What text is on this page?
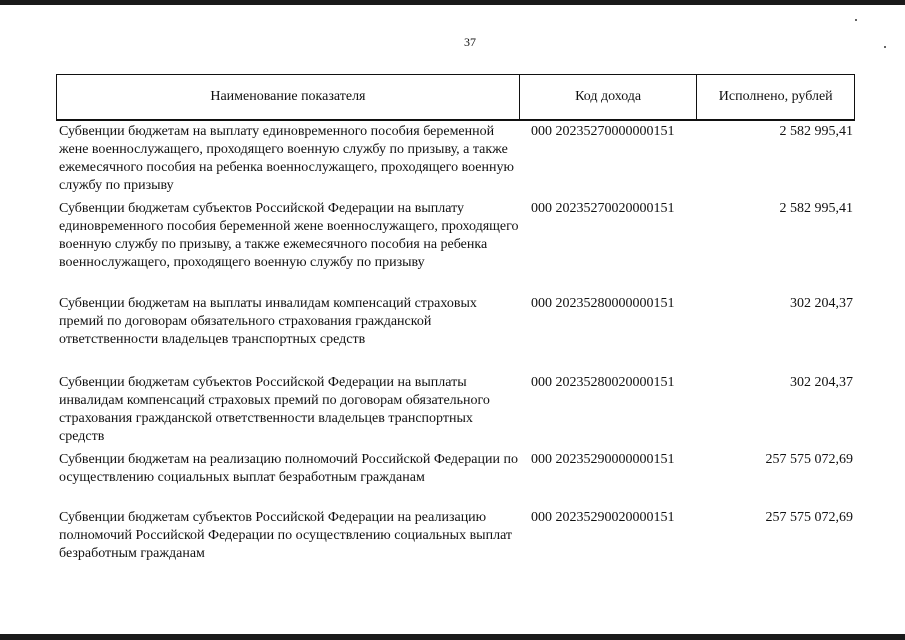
37
Наименование показателя	Код дохода	Исполнено, рублей
Субвенции бюджетам на выплату единовременного пособия беременной жене военнослужащего, проходящего военную службу по призыву, а также ежемесячного пособия на ребенка военнослужащего, проходящего военную службу по призыву
000 20235270000000151	2 582 995,41
Субвенции бюджетам субъектов Российской Федерации на выплату единовременного пособия беременной жене военнослужащего, проходящего военную службу по призыву, а также ежемесячного пособия на ребенка военнослужащего, проходящего военную службу по призыву
000 20235270020000151	2 582 995,41
Субвенции бюджетам на выплаты инвалидам компенсаций страховых премий по договорам обязательного страхования гражданской ответственности владельцев транспортных средств
000 20235280000000151	302 204,37
Субвенции бюджетам субъектов Российской Федерации на выплаты инвалидам компенсаций страховых премий по договорам обязательного страхования гражданской ответственности владельцев транспортных средств
000 20235280020000151	302 204,37
Субвенции бюджетам на реализацию полномочий Российской Федерации по осуществлению социальных выплат безработным гражданам
000 20235290000000151	257 575 072,69
Субвенции бюджетам субъектов Российской Федерации на реализацию полномочий Российской Федерации по осуществлению социальных выплат безработным гражданам
000 20235290020000151	257 575 072,69
